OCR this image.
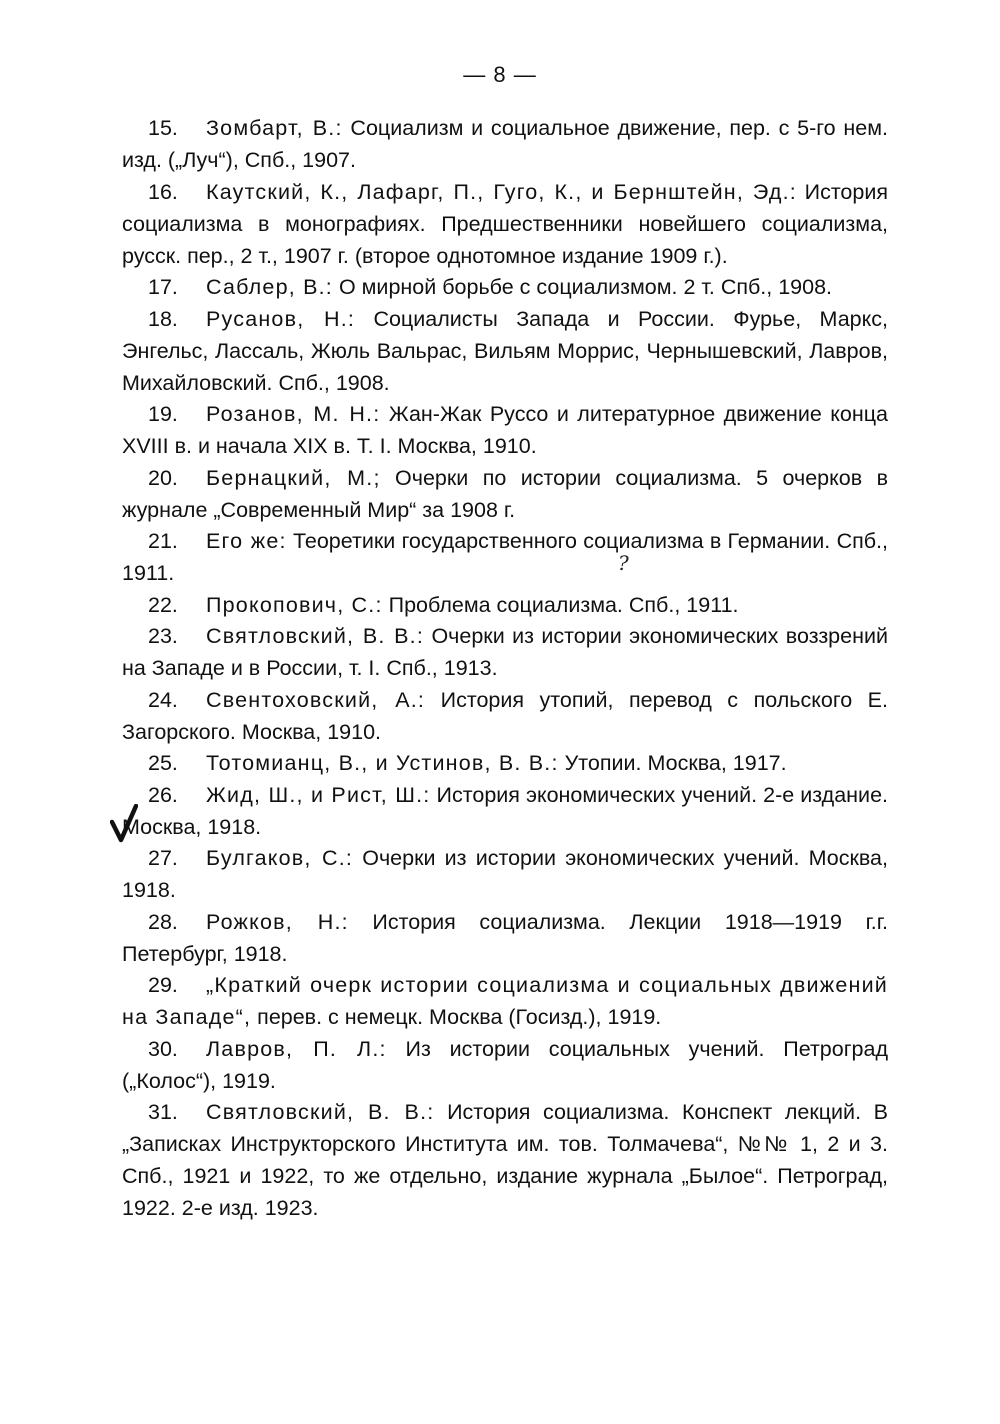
— 8 —
?

15. Зомбарт, В.: Социализм и социальное движение, пер. с 5-го нем. изд. („Луч“), Спб., 1907.

16. Каутский, К., Лафарг, П., Гуго, К., и Бернштейн, Эд.: История социализма в монографиях. Предшественники новейшего социализма, русск. пер., 2 т., 1907 г. (второе однотомное издание 1909 г.).

17. Саблер, В.: О мирной борьбе с социализмом. 2 т. Спб., 1908.

18. Русанов, Н.: Социалисты Запада и России. Фурье, Маркс, Энгельс, Лассаль, Жюль Вальрас, Вильям Моррис, Чернышевский, Лавров, Михайловский. Спб., 1908.

19. Розанов, М. Н.: Жан-Жак Руссо и литературное движение конца XVIII в. и начала XIX в. Т. I. Москва, 1910.

20. Бернацкий, М.; Очерки по истории социализма. 5 очерков в журнале „Современный Мир“ за 1908 г.

21. Его же: Теоретики государственного социализма в Германии. Спб., 1911.

22. Прокопович, С.: Проблема социализма. Спб., 1911.

23. Святловский, В. В.: Очерки из истории экономических воззрений на Западе и в России, т. I. Спб., 1913.

24. Свентоховский, А.: История утопий, перевод с польского Е. Загорского. Москва, 1910.

25. Тотомианц, В., и Устинов, В. В.: Утопии. Москва, 1917.

26. Жид, Ш., и Рист, Ш.: История экономических учений. 2-е издание. Москва, 1918.

27. Булгаков, С.: Очерки из истории экономических учений. Москва, 1918.

28. Рожков, Н.: История социализма. Лекции 1918—1919 г.г. Петербург, 1918.

29. „Краткий очерк истории социализма и социальных движений на Западе“, перев. с немецк. Москва (Госизд.), 1919.

30. Лавров, П. Л.: Из истории социальных учений. Петроград („Колос“), 1919.

31. Святловский, В. В.: История социализма. Конспект лекций. В „Записках Инструкторского Института им. тов. Толмачева“, №№ 1, 2 и 3. Спб., 1921 и 1922, то же отдельно, издание журнала „Былое“. Петроград, 1922. 2-е изд. 1923.
